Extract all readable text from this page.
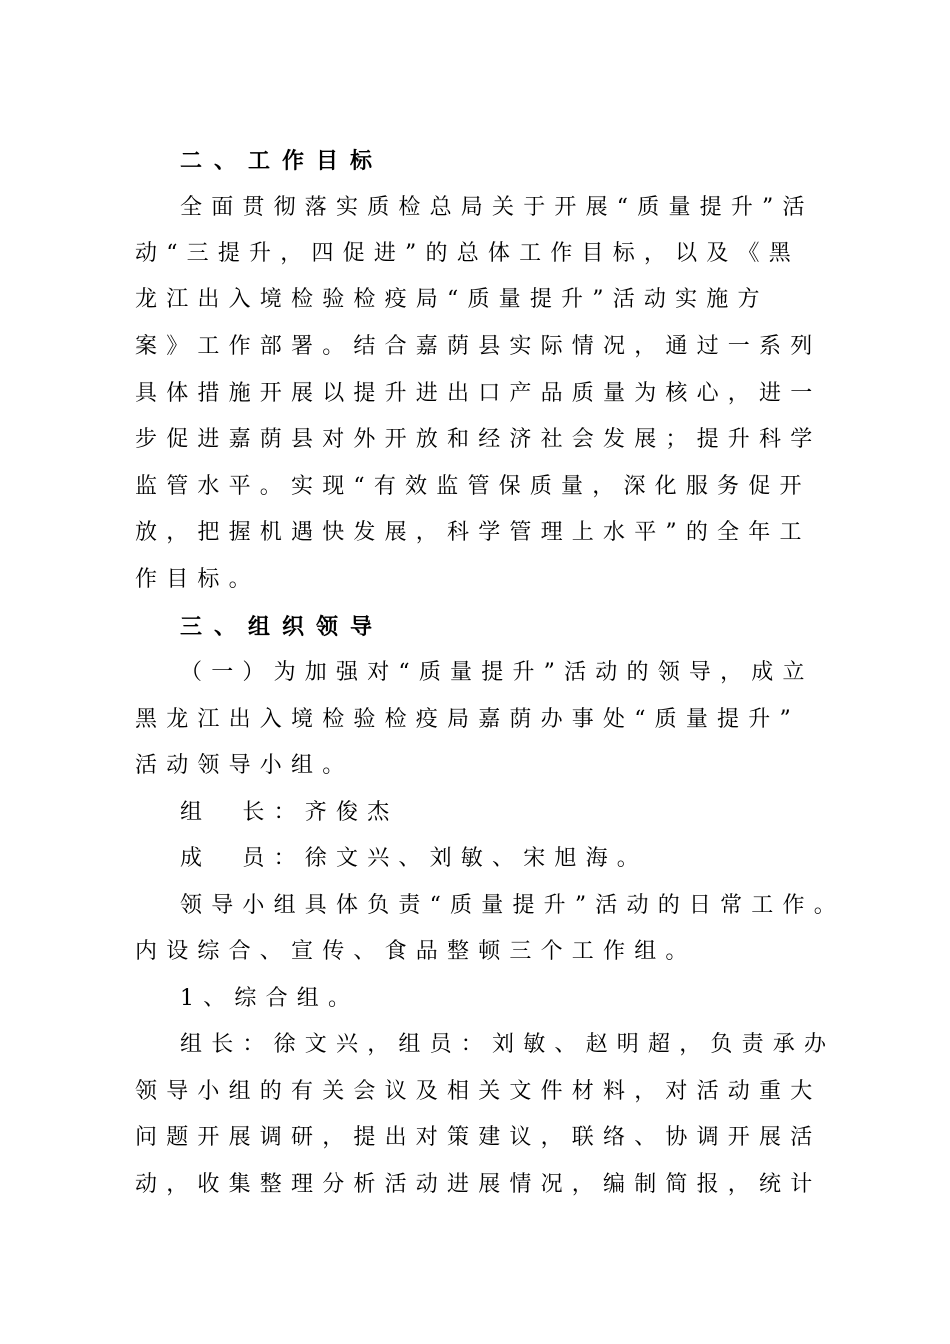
二、工作目标
全面贯彻落实质检总局关于开展“质量提升”活
动“三提升，四促进”的总体工作目标，以及《黑
龙江出入境检验检疫局“质量提升”活动实施方
案》工作部署。结合嘉荫县实际情况，通过一系列
具体措施开展以提升进出口产品质量为核心，进一
步促进嘉荫县对外开放和经济社会发展；提升科学
监管水平。实现“有效监管保质量，深化服务促开
放，把握机遇快发展，科学管理上水平”的全年工
作目标。
三、组织领导
（一）为加强对“质量提升”活动的领导，成立
黑龙江出入境检验检疫局嘉荫办事处“质量提升”
活动领导小组。
组　长：齐俊杰
成　员：徐文兴、刘敏、宋旭海。
领导小组具体负责“质量提升”活动的日常工作。
内设综合、宣传、食品整顿三个工作组。
1、综合组。
组长：徐文兴，组员：刘敏、赵明超，负责承办
领导小组的有关会议及相关文件材料，对活动重大
问题开展调研，提出对策建议，联络、协调开展活
动，收集整理分析活动进展情况，编制简报，统计
